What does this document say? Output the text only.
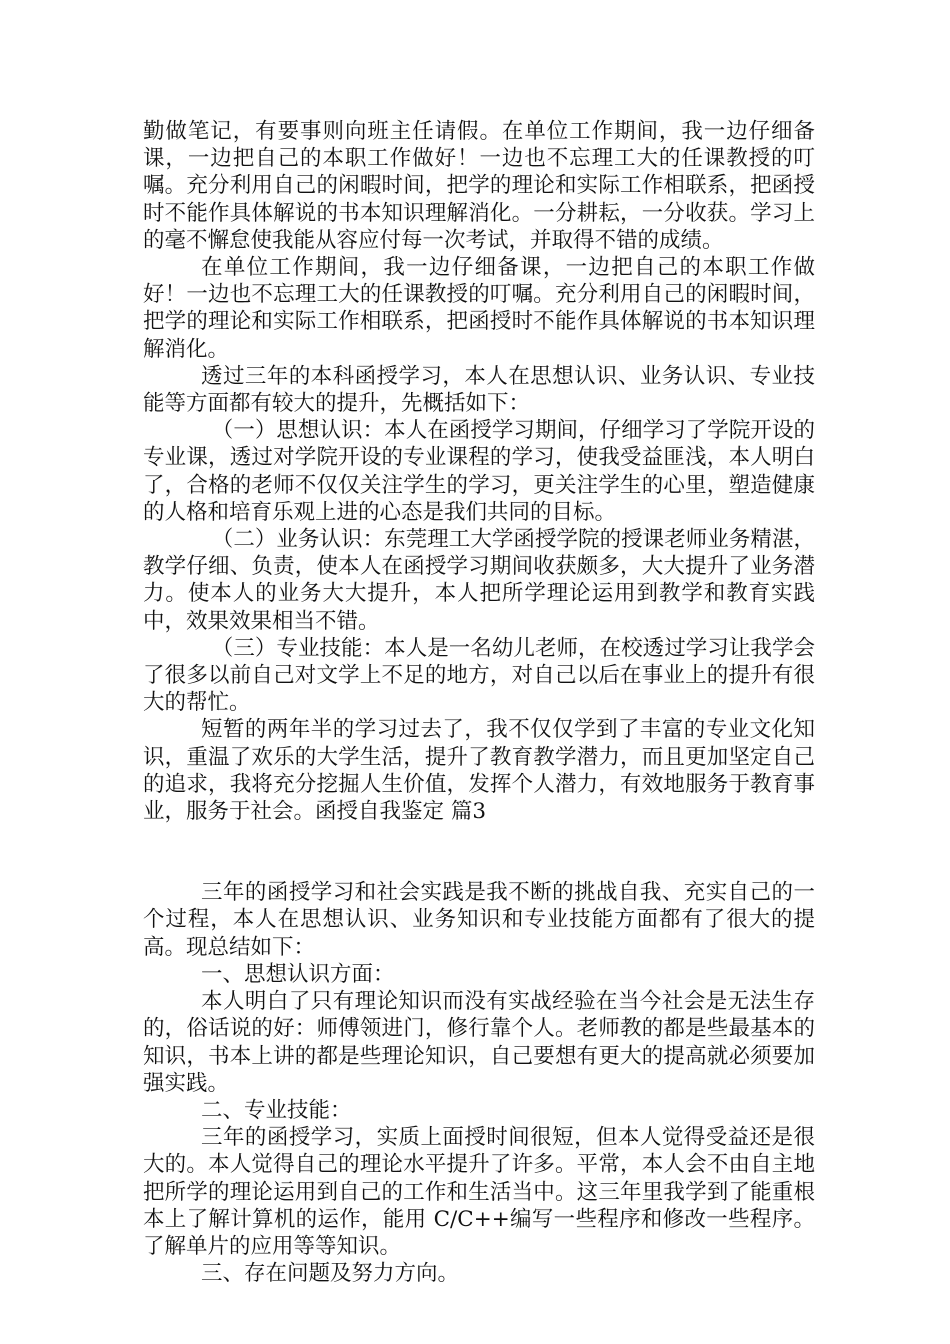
勤做笔记，有要事则向班主任请假。在单位工作期间，我一边仔细备课，一边把自己的本职工作做好！一边也不忘理工大的任课教授的叮嘱。充分利用自己的闲暇时间，把学的理论和实际工作相联系，把函授时不能作具体解说的书本知识理解消化。一分耕耘，一分收获。学习上的毫不懈怠使我能从容应付每一次考试，并取得不错的成绩。

在单位工作期间，我一边仔细备课，一边把自己的本职工作做好！一边也不忘理工大的任课教授的叮嘱。充分利用自己的闲暇时间，把学的理论和实际工作相联系，把函授时不能作具体解说的书本知识理解消化。

透过三年的本科函授学习，本人在思想认识、业务认识、专业技能等方面都有较大的提升，先概括如下：

（一）思想认识：本人在函授学习期间，仔细学习了学院开设的专业课，透过对学院开设的专业课程的学习，使我受益匪浅，本人明白了，合格的老师不仅仅关注学生的学习，更关注学生的心里，塑造健康的人格和培育乐观上进的心态是我们共同的目标。

（二）业务认识：东莞理工大学函授学院的授课老师业务精湛，教学仔细、负责，使本人在函授学习期间收获颇多，大大提升了业务潜力。使本人的业务大大提升，本人把所学理论运用到教学和教育实践中，效果效果相当不错。

（三）专业技能：本人是一名幼儿老师，在校透过学习让我学会了很多以前自己对文学上不足的地方，对自己以后在事业上的提升有很大的帮忙。

短暂的两年半的学习过去了，我不仅仅学到了丰富的专业文化知识，重温了欢乐的大学生活，提升了教育教学潜力，而且更加坚定自己的追求，我将充分挖掘人生价值，发挥个人潜力，有效地服务于教育事业，服务于社会。函授自我鉴定 篇3

三年的函授学习和社会实践是我不断的挑战自我、充实自己的一个过程，本人在思想认识、业务知识和专业技能方面都有了很大的提高。现总结如下：

一、思想认识方面：

本人明白了只有理论知识而没有实战经验在当今社会是无法生存的，俗话说的好：师傅领进门，修行靠个人。老师教的都是些最基本的知识，书本上讲的都是些理论知识，自己要想有更大的提高就必须要加强实践。

二、专业技能：

三年的函授学习，实质上面授时间很短，但本人觉得受益还是很大的。本人觉得自己的理论水平提升了许多。平常，本人会不由自主地把所学的理论运用到自己的工作和生活当中。这三年里我学到了能重根本上了解计算机的运作，能用 C/C++编写一些程序和修改一些程序。了解单片的应用等等知识。

三、存在问题及努力方向。
